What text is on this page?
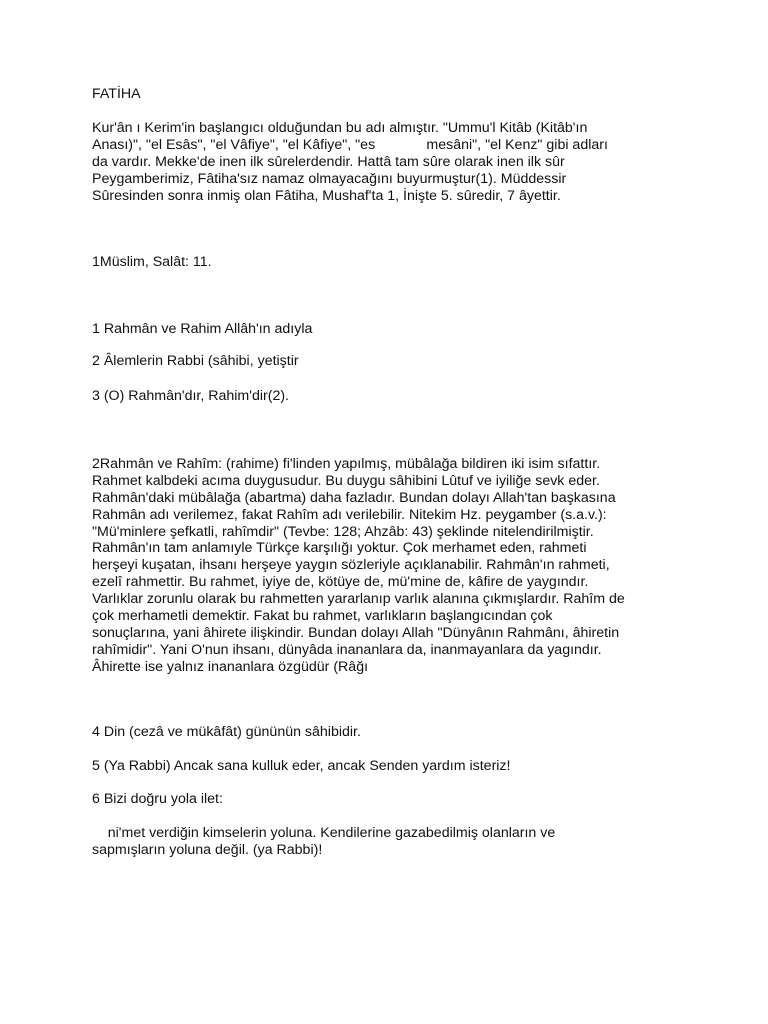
FATİHA
Kur'ân ı Kerim'in başlangıcı olduğundan bu adı almıştır. "Ummu'l Kitâb (Kitâb'ın
Anası)", "el Esâs", "el Vâfiye", "el Kâfiye", "es             mesâni", "el Kenz" gibi adları
da vardır. Mekke'de inen ilk sûrelerdendir. Hattâ tam sûre olarak inen ilk sûr
Peygamberimiz, Fâtiha'sız namaz olmayacağını buyurmuştur(1). Müddessir
Sûresinden sonra inmiş olan Fâtiha, Mushaf'ta 1, İnişte 5. sûredir, 7 âyettir.
1Müslim, Salât: 11.
1 Rahmân ve Rahim Allâh'ın adıyla
2 Âlemlerin Rabbi (sâhibi, yetiştir
3 (O) Rahmân'dır, Rahim'dir(2).
2Rahmân ve Rahîm: (rahime) fi'linden yapılmış, mübâlağa bildiren iki isim sıfattır.
Rahmet kalbdeki acıma duygusudur. Bu duygu sâhibini Lûtuf ve iyiliğe sevk eder.
Rahmân'daki mübâlağa (abartma) daha fazladır. Bundan dolayı Allah'tan başkasına
Rahmân adı verilemez, fakat Rahîm adı verilebilir. Nitekim Hz. peygamber (s.a.v.):
"Mü'minlere şefkatli, rahîmdir" (Tevbe: 128; Ahzâb: 43) şeklinde nitelendirilmiştir.
Rahmân'ın tam anlamıyle Türkçe karşılığı yoktur. Çok merhamet eden, rahmeti
herşeyi kuşatan, ihsanı herşeye yaygın sözleriyle açıklanabilir. Rahmân'ın rahmeti,
ezelî rahmettir. Bu rahmet, iyiye de, kötüye de, mü'mine de, kâfire de yaygındır.
Varlıklar zorunlu olarak bu rahmetten yararlanıp varlık alanına çıkmışlardır. Rahîm de
çok merhametli demektir. Fakat bu rahmet, varlıkların başlangıcından çok
sonuçlarına, yani âhirete ilişkindir. Bundan dolayı Allah "Dünyânın Rahmânı, âhiretin
rahîmidir". Yani O'nun ihsanı, dünyâda inananlara da, inanmayanlara da yagındır.
Âhirette ise yalnız inananlara özgüdür (Râğı
4 Din (cezâ ve mükâfât) gününün sâhibidir.
5 (Ya Rabbi) Ancak sana kulluk eder, ancak Senden yardım isteriz!
6 Bizi doğru yola ilet:
ni'met verdiğin kimselerin yoluna. Kendilerine gazabedilmiş olanların ve
sapmışların yoluna değil. (ya Rabbi)!
